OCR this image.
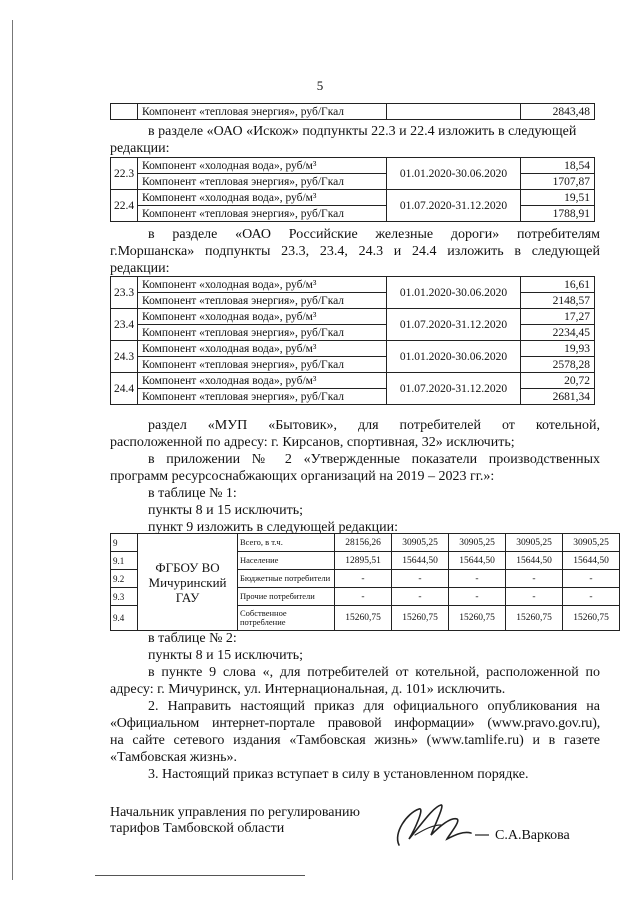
5
	Компонент «тепловая энергия», руб/Гкал		2843,48
в разделе «ОАО «Искож» подпункты 22.3 и 22.4 изложить в следующей
редакции:
22.3	Компонент «холодная вода», руб/м³	01.01.2020-30.06.2020	18,54
	Компонент «тепловая энергия», руб/Гкал		1707,87
22.4	Компонент «холодная вода», руб/м³	01.07.2020-31.12.2020	19,51
	Компонент «тепловая энергия», руб/Гкал		1788,91
в разделе «ОАО Российские железные дороги» потребителям
г.Моршанска» подпункты 23.3, 23.4, 24.3 и 24.4 изложить в следующей
редакции:
23.3	Компонент «холодная вода», руб/м³	01.01.2020-30.06.2020	16,61
	Компонент «тепловая энергия», руб/Гкал		2148,57
23.4	Компонент «холодная вода», руб/м³	01.07.2020-31.12.2020	17,27
	Компонент «тепловая энергия», руб/Гкал		2234,45
24.3	Компонент «холодная вода», руб/м³	01.01.2020-30.06.2020	19,93
	Компонент «тепловая энергия», руб/Гкал		2578,28
24.4	Компонент «холодная вода», руб/м³	01.07.2020-31.12.2020	20,72
	Компонент «тепловая энергия», руб/Гкал		2681,34
раздел «МУП «Бытовик», для потребителей от котельной,
расположенной по адресу: г. Кирсанов, спортивная, 32» исключить;
в приложении № 2 «Утвержденные показатели производственных
программ ресурсоснабжающих организаций на 2019 – 2023 гг.»:
в таблице № 1:
пункты 8 и 15 исключить;
пункт 9 изложить в следующей редакции:
9	ФГБОУ ВО Мичуринский ГАУ	Всего, в т.ч.	28156,26	30905,25	30905,25	30905,25	30905,25
9.1		Население	12895,51	15644,50	15644,50	15644,50	15644,50
9.2		Бюджетные потребители	-	-	-	-	-
9.3		Прочие потребители	-	-	-	-	-
9.4		Собственное потребление	15260,75	15260,75	15260,75	15260,75	15260,75
в таблице № 2:
пункты 8 и 15 исключить;
в пункте 9 слова «, для потребителей от котельной, расположенной по
адресу: г. Мичуринск, ул. Интернациональная, д. 101» исключить.
2. Направить настоящий приказ для официального опубликования на
«Официальном интернет-портале правовой информации» (www.pravo.gov.ru),
на сайте сетевого издания «Тамбовская жизнь» (www.tamlife.ru) и в газете
«Тамбовская жизнь».
3. Настоящий приказ вступает в силу в установленном порядке.
Начальник управления по регулированию
тарифов Тамбовской области	С.А.Варкова
